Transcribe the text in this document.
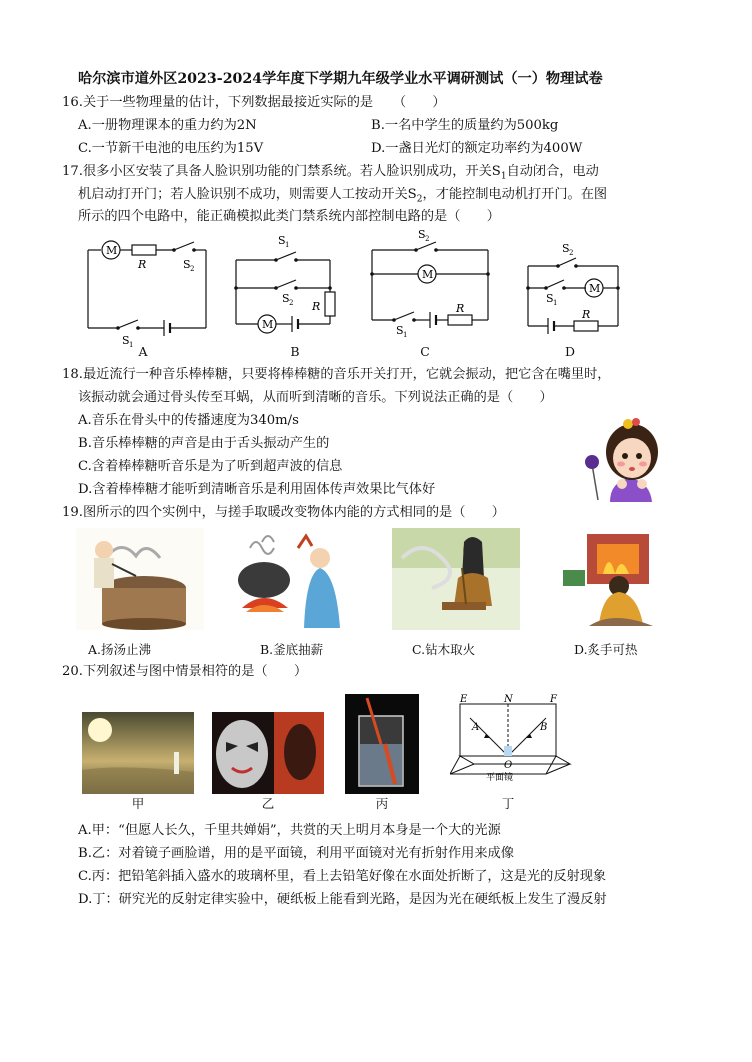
哈尔滨市道外区2023-2024学年度下学期九年级学业水平调研测试（一）物理试卷
16.关于一些物理量的估计，下列数据最接近实际的是　　（　　）
A.一册物理课本的重力约为2N	B.一名中学生的质量约为500kg
C.一节新干电池的电压约为15V	D.一盏日光灯的额定功率约为400W
17.很多小区安装了具备人脸识别功能的门禁系统。若人脸识别成功，开关$S_1$自动闭合，电动
机启动打开门；若人脸识别不成功，则需要人工按动开关$S_2$，才能控制电动机打开门。在图
所示的四个电路中，能正确模拟此类门禁系统内部控制电路的是（　　）
M
R	S 2
S 1 A
S 1
S 2 R
M
B
S 2
M
R
S 1
C
S 2
M
S 1
R
D
18.最近流行一种音乐棒棒糖，只要将棒棒糖的音乐开关打开，它就会振动，把它含在嘴里时，
该振动就会通过骨头传至耳蜗，从而听到清晰的音乐。下列说法正确的是（　　）
A.音乐在骨头中的传播速度为340m/s
B.音乐棒棒糖的声音是由于舌头振动产生的
C.含着棒棒糖听音乐是为了听到超声波的信息
D.含着棒棒糖才能听到清晰音乐是利用固体传声效果比气体好
19.图所示的四个实例中，与搓手取暖改变物体内能的方式相同的是（　　）
A.扬汤止沸	B.釜底抽薪	C.钻木取火	D.炙手可热
20.下列叙述与图中情景相符的是（　　）
E	N	F
A	B
O
平面镜
甲	乙	丙	丁
A.甲：“但愿人长久，千里共婵娟”，共赏的天上明月本身是一个大的光源
B.乙：对着镜子画脸谱，用的是平面镜，利用平面镜对光有折射作用来成像
C.丙：把铅笔斜插入盛水的玻璃杯里，看上去铅笔好像在水面处折断了，这是光的反射现象
D.丁：研究光的反射定律实验中，硬纸板上能看到光路，是因为光在硬纸板上发生了漫反射
